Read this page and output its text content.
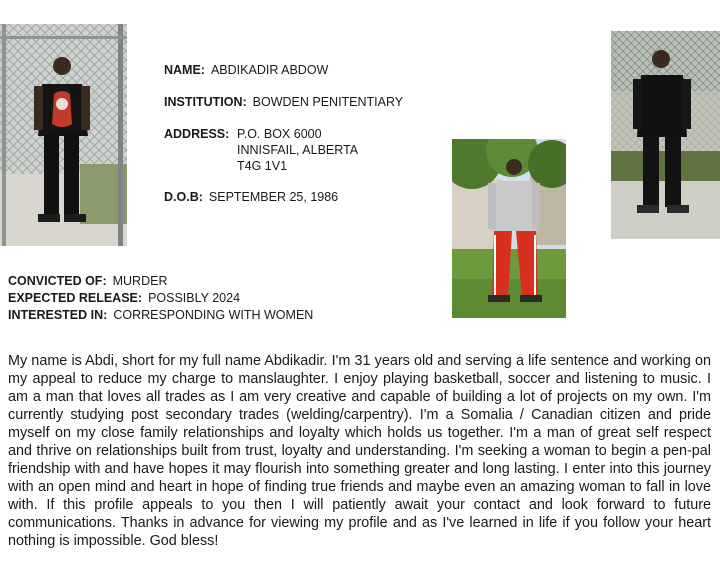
NAME: ABDIKADIR ABDOW
INSTITUTION: BOWDEN PENITENTIARY
ADDRESS: P.O. BOX 6000
INNISFAIL, ALBERTA
T4G 1V1
D.O.B: SEPTEMBER 25, 1986
CONVICTED OF: MURDER
EXPECTED RELEASE: POSSIBLY 2024
INTERESTED IN: CORRESPONDING WITH WOMEN

My name is Abdi, short for my full name Abdikadir. I'm 31 years old and serving a life sentence and working on my appeal to reduce my charge to manslaughter. I enjoy playing basketball, soccer and listening to music. I am a man that loves all trades as I am very creative and capable of building a lot of projects on my own. I'm currently studying post secondary trades (welding/carpentry). I'm a Somalia / Canadian citizen and pride myself on my close family relationships and loyalty which holds us together. I'm a man of great self respect and thrive on relationships built from trust, loyalty and understanding. I'm seeking a woman to begin a pen-pal friendship with and have hopes it may flourish into something greater and long lasting. I enter into this journey with an open mind and heart in hope of finding true friends and maybe even an amazing woman to fall in love with. If this profile appeals to you then I will patiently await your contact and look forward to future communications. Thanks in advance for viewing my profile and as I've learned in life if you follow your heart nothing is impossible. God bless!
